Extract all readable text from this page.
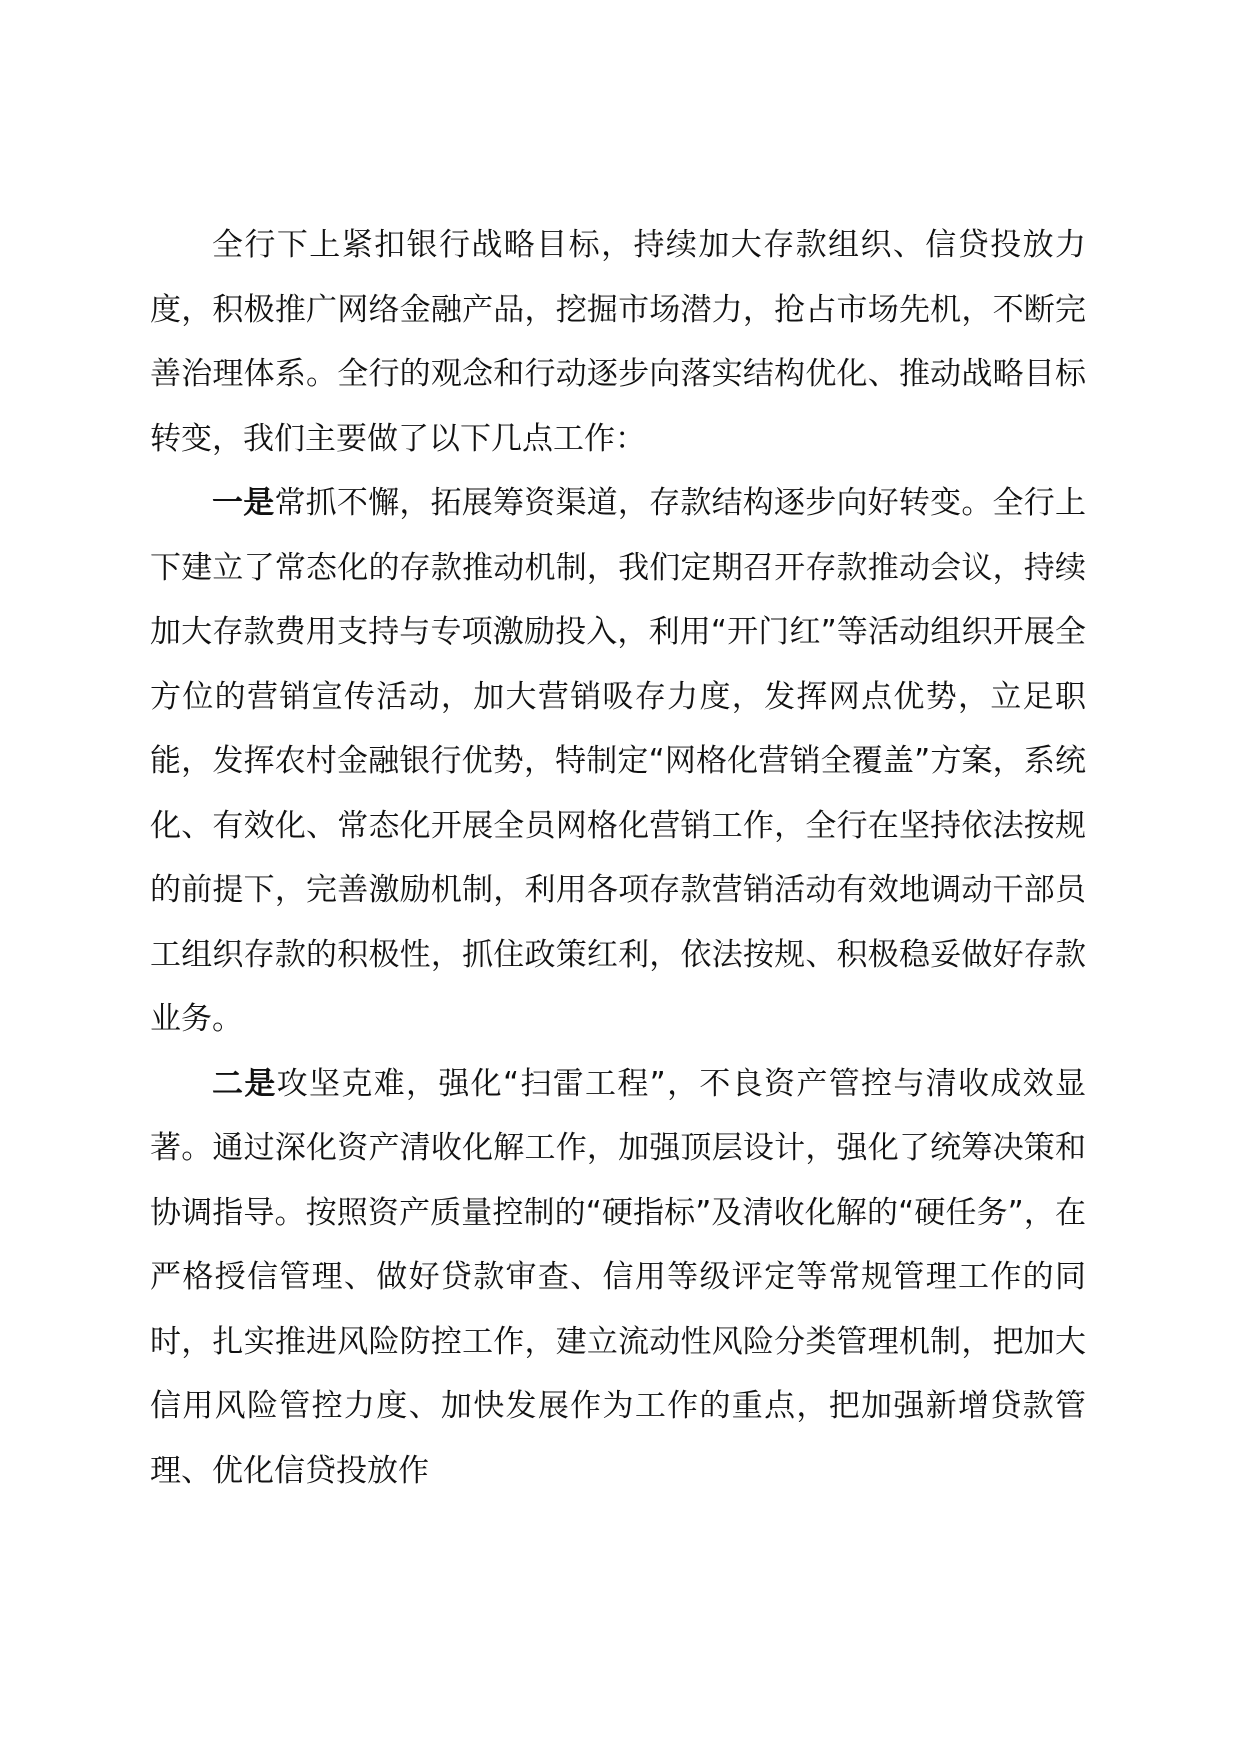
全行下上紧扣银行战略目标，持续加大存款组织、信贷投放力度，积极推广网络金融产品，挖掘市场潜力，抢占市场先机，不断完善治理体系。全行的观念和行动逐步向落实结构优化、推动战略目标转变，我们主要做了以下几点工作：

一是常抓不懈，拓展筹资渠道，存款结构逐步向好转变。全行上下建立了常态化的存款推动机制，我们定期召开存款推动会议，持续加大存款费用支持与专项激励投入，利用“开门红”等活动组织开展全方位的营销宣传活动，加大营销吸存力度，发挥网点优势，立足职能，发挥农村金融银行优势，特制定“网格化营销全覆盖”方案，系统化、有效化、常态化开展全员网格化营销工作，全行在坚持依法按规的前提下，完善激励机制，利用各项存款营销活动有效地调动干部员工组织存款的积极性，抓住政策红利，依法按规、积极稳妥做好存款业务。

二是攻坚克难，强化“扫雷工程”，不良资产管控与清收成效显著。通过深化资产清收化解工作，加强顶层设计，强化了统筹决策和协调指导。按照资产质量控制的“硬指标”及清收化解的“硬任务”，在严格授信管理、做好贷款审查、信用等级评定等常规管理工作的同时，扎实推进风险防控工作，建立流动性风险分类管理机制，把加大信用风险管控力度、加快发展作为工作的重点，把加强新增贷款管理、优化信贷投放作
